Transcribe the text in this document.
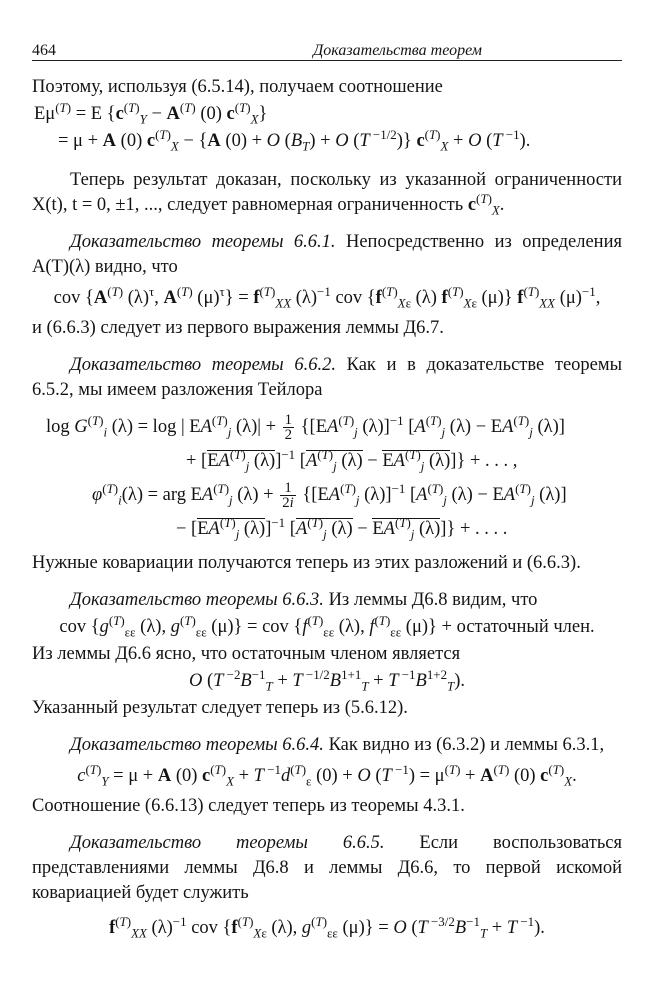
464	Доказательства теорем

Поэтому, используя (6.5.14), получаем соотношение

$E\mu^{(T)} = E$ {$c^{(T)}_Y - A^{(T)}$ (0) $c^{(T)}_X$}
= μ + A (0) $c^{(T)}_X - \{A$ (0) + O $(B_T) + O$ (T $^{-1/2}$)} $c^{(T)}_X + O$ (T $^{-1}$).

Теперь результат доказан, поскольку из указанной ограниченности X(t), t = 0, ±1, ..., следует равномерная ограниченность $c^{(T)}_X$.

Доказательство теоремы 6.6.1. Непосредственно из определения A(T)(λ) видно, что

cov {$A^{(T)}$ $(\lambda)^\tau$, $A^{(T)}$ $(\mu)^\tau\} = f^{(T)}_{XX}$ $(\lambda)^{-1}$ cov {$f^{(T)}_{X\varepsilon}$ (λ) $f^{(T)}_{X\varepsilon}$ (μ)} $f^{(T)}_{XX}$ $(\mu)^{-1}$,

и (6.6.3) следует из первого выражения леммы Д6.7.

Доказательство теоремы 6.6.2. Как и в доказательстве теоремы 6.5.2, мы имеем разложения Тейлора

$\log G^{(T)}_i$ (λ) = log | $EA^{(T)}_j$ $(\lambda)| + \frac{1}{2} \{[EA^{(T)}_j$ (λ)]$^{-1}$ [$A^{(T)}_j$ $(\lambda) - EA^{(T)}_j$ (λ)]
+ [$EA^{(T)}_j$ (λ)]$^{-1}$ [$A^{(T)}_j$ $(\lambda) - EA^{(T)}_j$ (λ)]} + . . . ,
$\varphi^{(T)}_i(\lambda)$ = arg $EA^{(T)}_j$ $(\lambda) + \frac{1}{2i} \{[EA^{(T)}_j$ (λ)]$^{-1}$ [$A^{(T)}_j$ $(\lambda) - EA^{(T)}_j$ (λ)]
− [$EA^{(T)}_j$ (λ)]$^{-1}$ [$A^{(T)}_j$ $(\lambda) - EA^{(T)}_j$ (λ)]} + . . . .

Нужные ковариации получаются теперь из этих разложений и (6.6.3).

Доказательство теоремы 6.6.3. Из леммы Д6.8 видим, что

cov {$g^{(T)}_{\varepsilon\varepsilon}$ (λ), $g^{(T)}_{\varepsilon\varepsilon}$ (μ)} = cov {$f^{(T)}_{\varepsilon\varepsilon}$ (λ), $f^{(T)}_{\varepsilon\varepsilon}$ (μ)} + остаточный член.

Из леммы Д6.6 ясно, что остаточным членом является

O (T $^{-2}B^{-1}_T + T$ $^{-1/2}B^{1+1}_T + T$ $^{-1}B^{1+2}_T$).

Указанный результат следует теперь из (5.6.12).

Доказательство теоремы 6.6.4. Как видно из (6.3.2) и леммы 6.3.1,

$c^{(T)}_Y = \mu + A$ (0) $c^{(T)}_X + T$ $^{-1}d^{(T)}_\varepsilon$ (0) + O (T $^{-1}) = \mu^{(T)} + A^{(T)}$ (0) $c^{(T)}_X$.

Соотношение (6.6.13) следует теперь из теоремы 4.3.1.

Доказательство теоремы 6.6.5. Если воспользоваться представлениями леммы Д6.8 и леммы Д6.6, то первой искомой ковариацией будет служить

$f^{(T)}_{XX}$ $(\lambda)^{-1}$ cov {$f^{(T)}_{X\varepsilon}$ (λ), $g^{(T)}_{\varepsilon\varepsilon}$ (μ)} = O (T $^{-3/2}B^{-1}_T + T$ $^{-1}$).
